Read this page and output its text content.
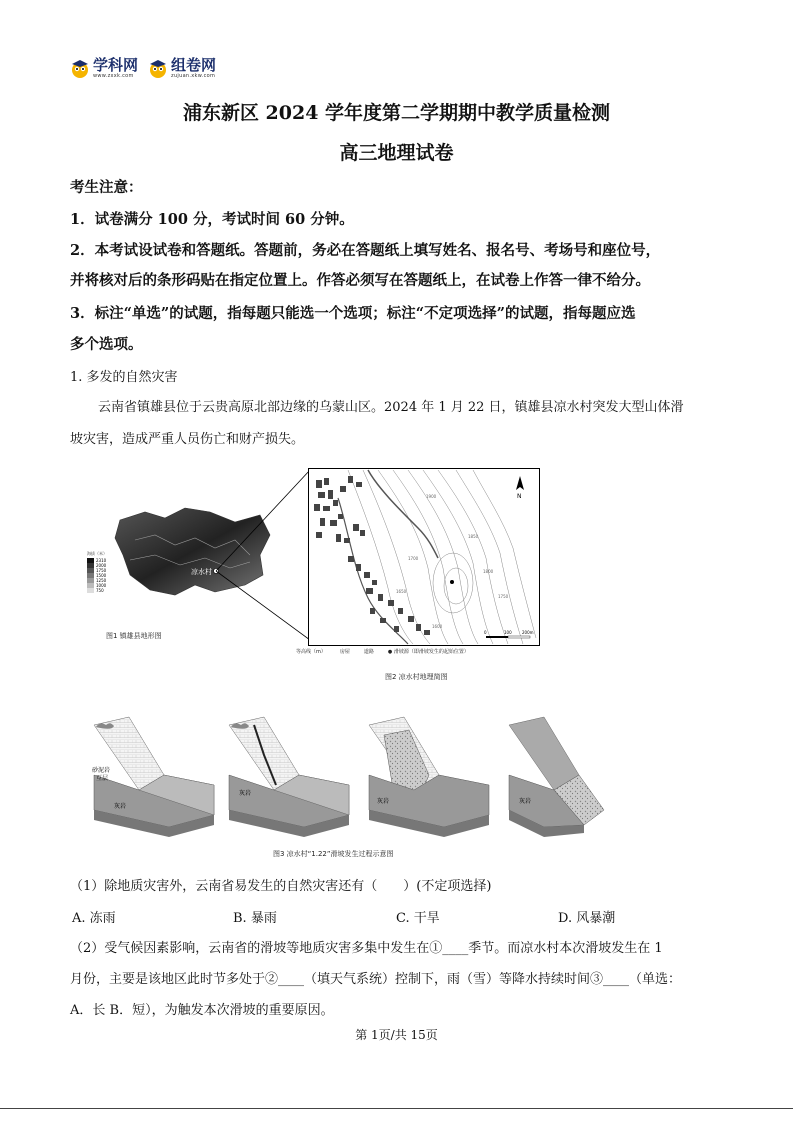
学科网
www.zxxk.com
组卷网
zujuan.xkw.com
浦东新区 2024 学年度第二学期期中教学质量检测
高三地理试卷
考生注意：
1．试卷满分 100 分，考试时间 60 分钟。
2．本考试设试卷和答题纸。答题前，务必在答题纸上填写姓名、报名号、考场号和座位号，
并将核对后的条形码贴在指定位置上。作答必须写在答题纸上，在试卷上作答一律不给分。
3．标注“单选”的试题，指每题只能选一个选项；标注“不定项选择”的试题，指每题应选
多个选项。
1. 多发的自然灾害
云南省镇雄县位于云贵高原北部边缘的乌蒙山区。2024 年 1 月 22 日，镇雄县凉水村突发大型山体滑
坡灾害，造成严重人员伤亡和财产损失。
凉水村
海拔（米）
2310
2000
1750
1500
1250
1000
750
图1 镇雄县地形图
1900
1850
1800
1750
1700
1650
1600
N
0	100	200m
等高线（m）	房屋	道路	● 滑坡源（即滑坡发生的起始位置）
图2 凉水村地理简图
砂泥岩
互层
灰岩
灰岩
灰岩	灰岩
图3 凉水村“1.22”滑坡发生过程示意图
（1）除地质灾害外，云南省易发生的自然灾害还有（　　）(不定项选择)
A. 冻雨	B. 暴雨	C. 干旱	D. 风暴潮
（2）受气候因素影响，云南省的滑坡等地质灾害多集中发生在①____季节。而凉水村本次滑坡发生在 1
月份，主要是该地区此时节多处于②____（填天气系统）控制下，雨（雪）等降水持续时间③____（单选：
A．长 B．短），为触发本次滑坡的重要原因。
第 1页/共 15页
